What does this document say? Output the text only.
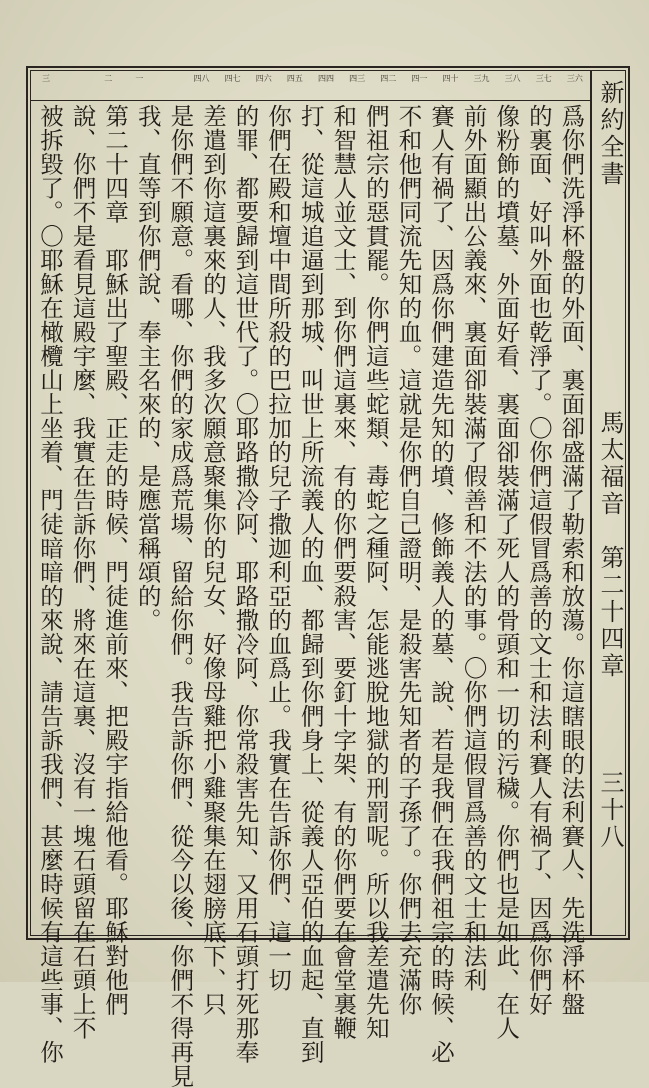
新約全書
馬太福音　第二十四章
三十八
三六
三七
三八
三九
四十
四一
四二
四三
四四
四五
四六
四七
四八
一
二
三
爲你們洗淨杯盤的外面、裏面卻盛滿了勒索和放蕩。你這瞎眼的法利賽人、先洗淨杯盤
的裏面、好叫外面也乾淨了。〇你們這假冒爲善的文士和法利賽人有禍了、因爲你們好
像粉飾的墳墓、外面好看、裏面卻裝滿了死人的骨頭和一切的污穢。你們也是如此、在人
前外面顯出公義來、裏面卻裝滿了假善和不法的事。〇你們這假冒爲善的文士和法利
賽人有禍了、因爲你們建造先知的墳、修飾義人的墓、說、若是我們在我們祖宗的時候、必
不和他們同流先知的血。這就是你們自己證明、是殺害先知者的子孫了。你們去充滿你
們祖宗的惡貫罷。你們這些蛇類、毒蛇之種阿、怎能逃脫地獄的刑罰呢。所以我差遣先知
和智慧人並文士、到你們這裏來、有的你們要殺害、要釘十字架、有的你們要在會堂裏鞭
打、從這城追逼到那城、叫世上所流義人的血、都歸到你們身上、從義人亞伯的血起、直到
你們在殿和壇中間所殺的巴拉加的兒子撒迦利亞的血爲止。我實在告訴你們、這一切
的罪、都要歸到這世代了。〇耶路撒冷阿、耶路撒冷阿、你常殺害先知、又用石頭打死那奉
差遣到你這裏來的人、我多次願意聚集你的兒女、好像母雞把小雞聚集在翅膀底下、只
是你們不願意。看哪、你們的家成爲荒場、留給你們。我告訴你們、從今以後、你們不得再見
我、直等到你們說、奉主名來的、是應當稱頌的。
第二十四章　耶穌出了聖殿、正走的時候、門徒進前來、把殿宇指給他看。耶穌對他們
說、你們不是看見這殿宇麼、我實在告訴你們、將來在這裏、沒有一塊石頭留在石頭上不
被拆毀了。〇耶穌在橄欖山上坐着、門徒暗暗的來說、請告訴我們、甚麼時候有這些事、你
